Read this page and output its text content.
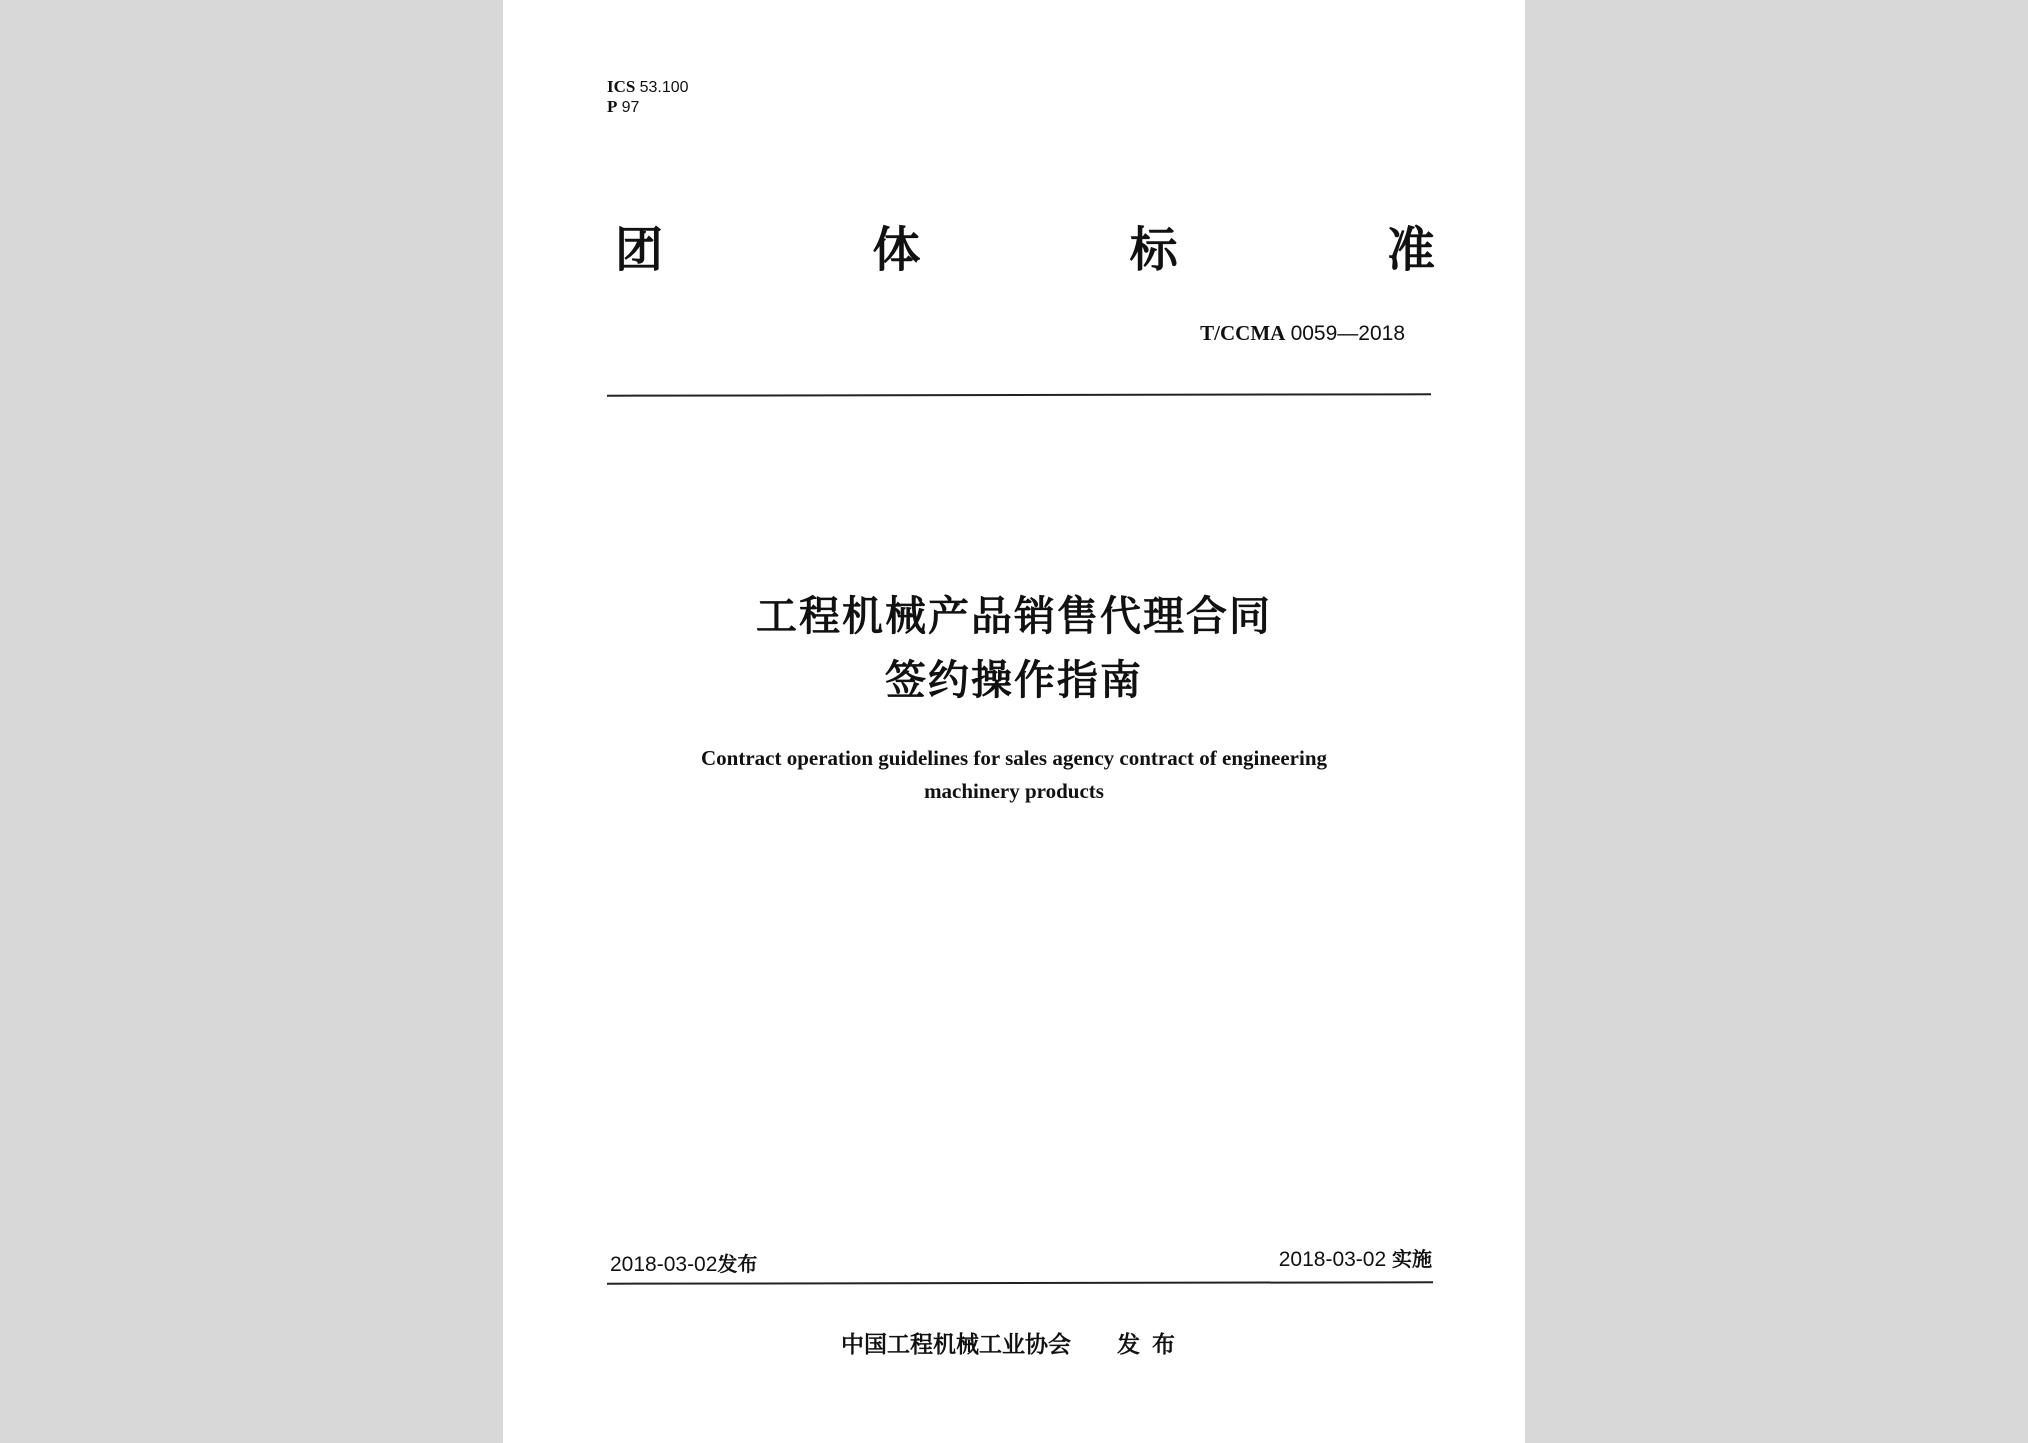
ICS 53.100
P 97
团	体	标	准
T/CCMA 0059—2018
工程机械产品销售代理合同
签约操作指南
Contract operation guidelines for sales agency contract of engineering
machinery products
2018-03-02发布	2018-03-02 实施
中国工程机械工业协会 发布
